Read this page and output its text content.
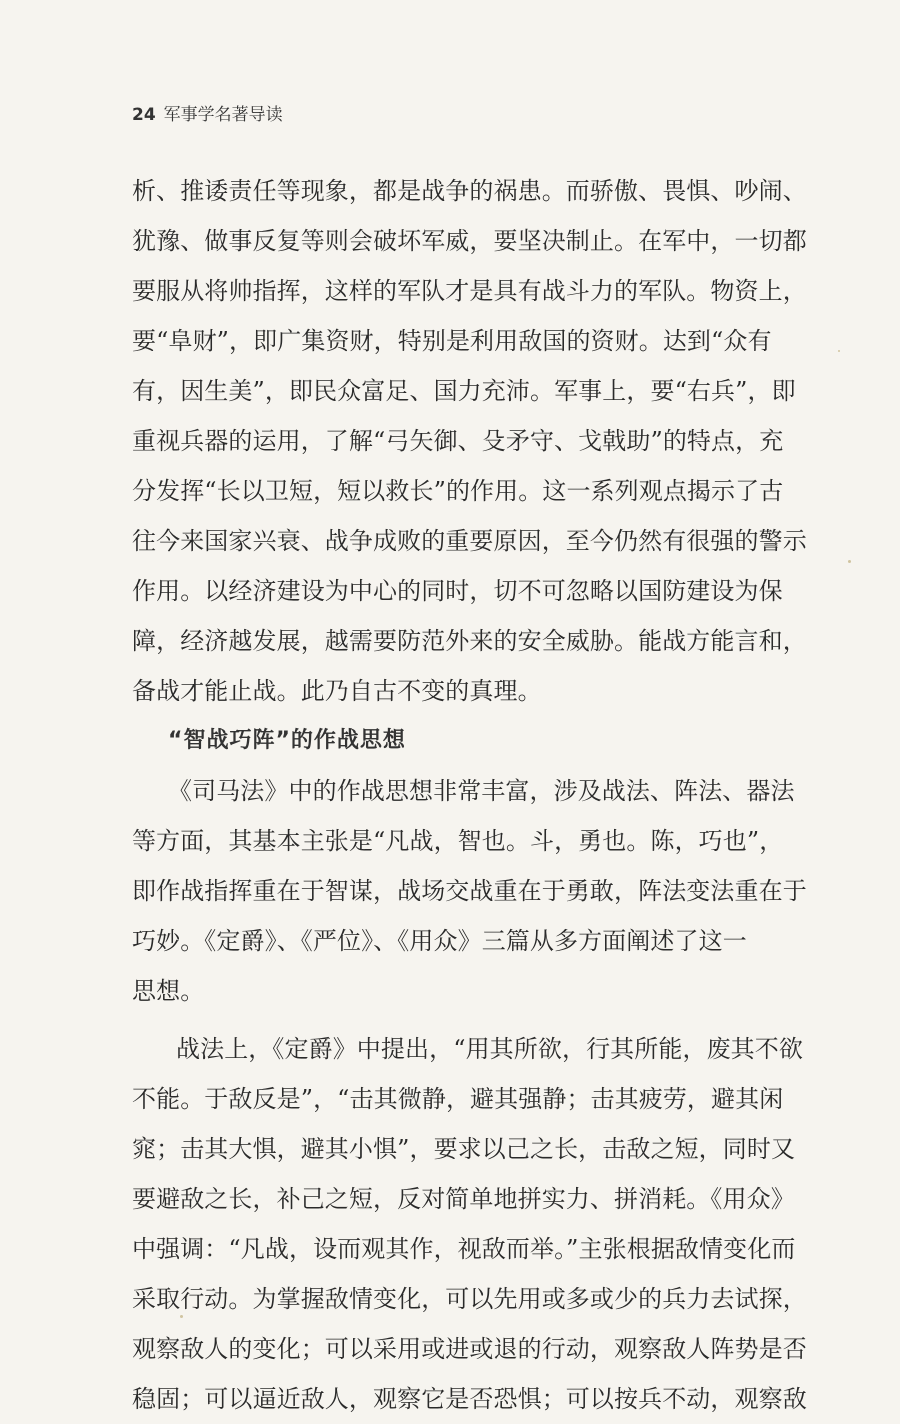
24 军事学名著导读
析、推诿责任等现象，都是战争的祸患。而骄傲、畏惧、吵闹、
犹豫、做事反复等则会破坏军威，要坚决制止。在军中，一切都
要服从将帅指挥，这样的军队才是具有战斗力的军队。物资上，
要“阜财”，即广集资财，特别是利用敌国的资财。达到“众有
有，因生美”，即民众富足、国力充沛。军事上，要“右兵”，即
重视兵器的运用，了解“弓矢御、殳矛守、戈戟助”的特点，充
分发挥“长以卫短，短以救长”的作用。这一系列观点揭示了古
往今来国家兴衰、战争成败的重要原因，至今仍然有很强的警示
作用。以经济建设为中心的同时，切不可忽略以国防建设为保
障，经济越发展，越需要防范外来的安全威胁。能战方能言和，
备战才能止战。此乃自古不变的真理。
“智战巧阵”的作战思想
《司马法》中的作战思想非常丰富，涉及战法、阵法、器法
等方面，其基本主张是“凡战，智也。斗，勇也。陈，巧也”，
即作战指挥重在于智谋，战场交战重在于勇敢，阵法变法重在于
巧妙。《定爵》、《严位》、《用众》三篇从多方面阐述了这一
思想。
战法上，《定爵》中提出，“用其所欲，行其所能，废其不欲
不能。于敌反是”，“击其微静，避其强静；击其疲劳，避其闲
窕；击其大惧，避其小惧”，要求以己之长，击敌之短，同时又
要避敌之长，补己之短，反对简单地拼实力、拼消耗。《用众》
中强调：“凡战，设而观其作，视敌而举。”主张根据敌情变化而
采取行动。为掌握敌情变化，可以先用或多或少的兵力去试探，
观察敌人的变化；可以采用或进或退的行动，观察敌人阵势是否
稳固；可以逼近敌人，观察它是否恐惧；可以按兵不动，观察敌
